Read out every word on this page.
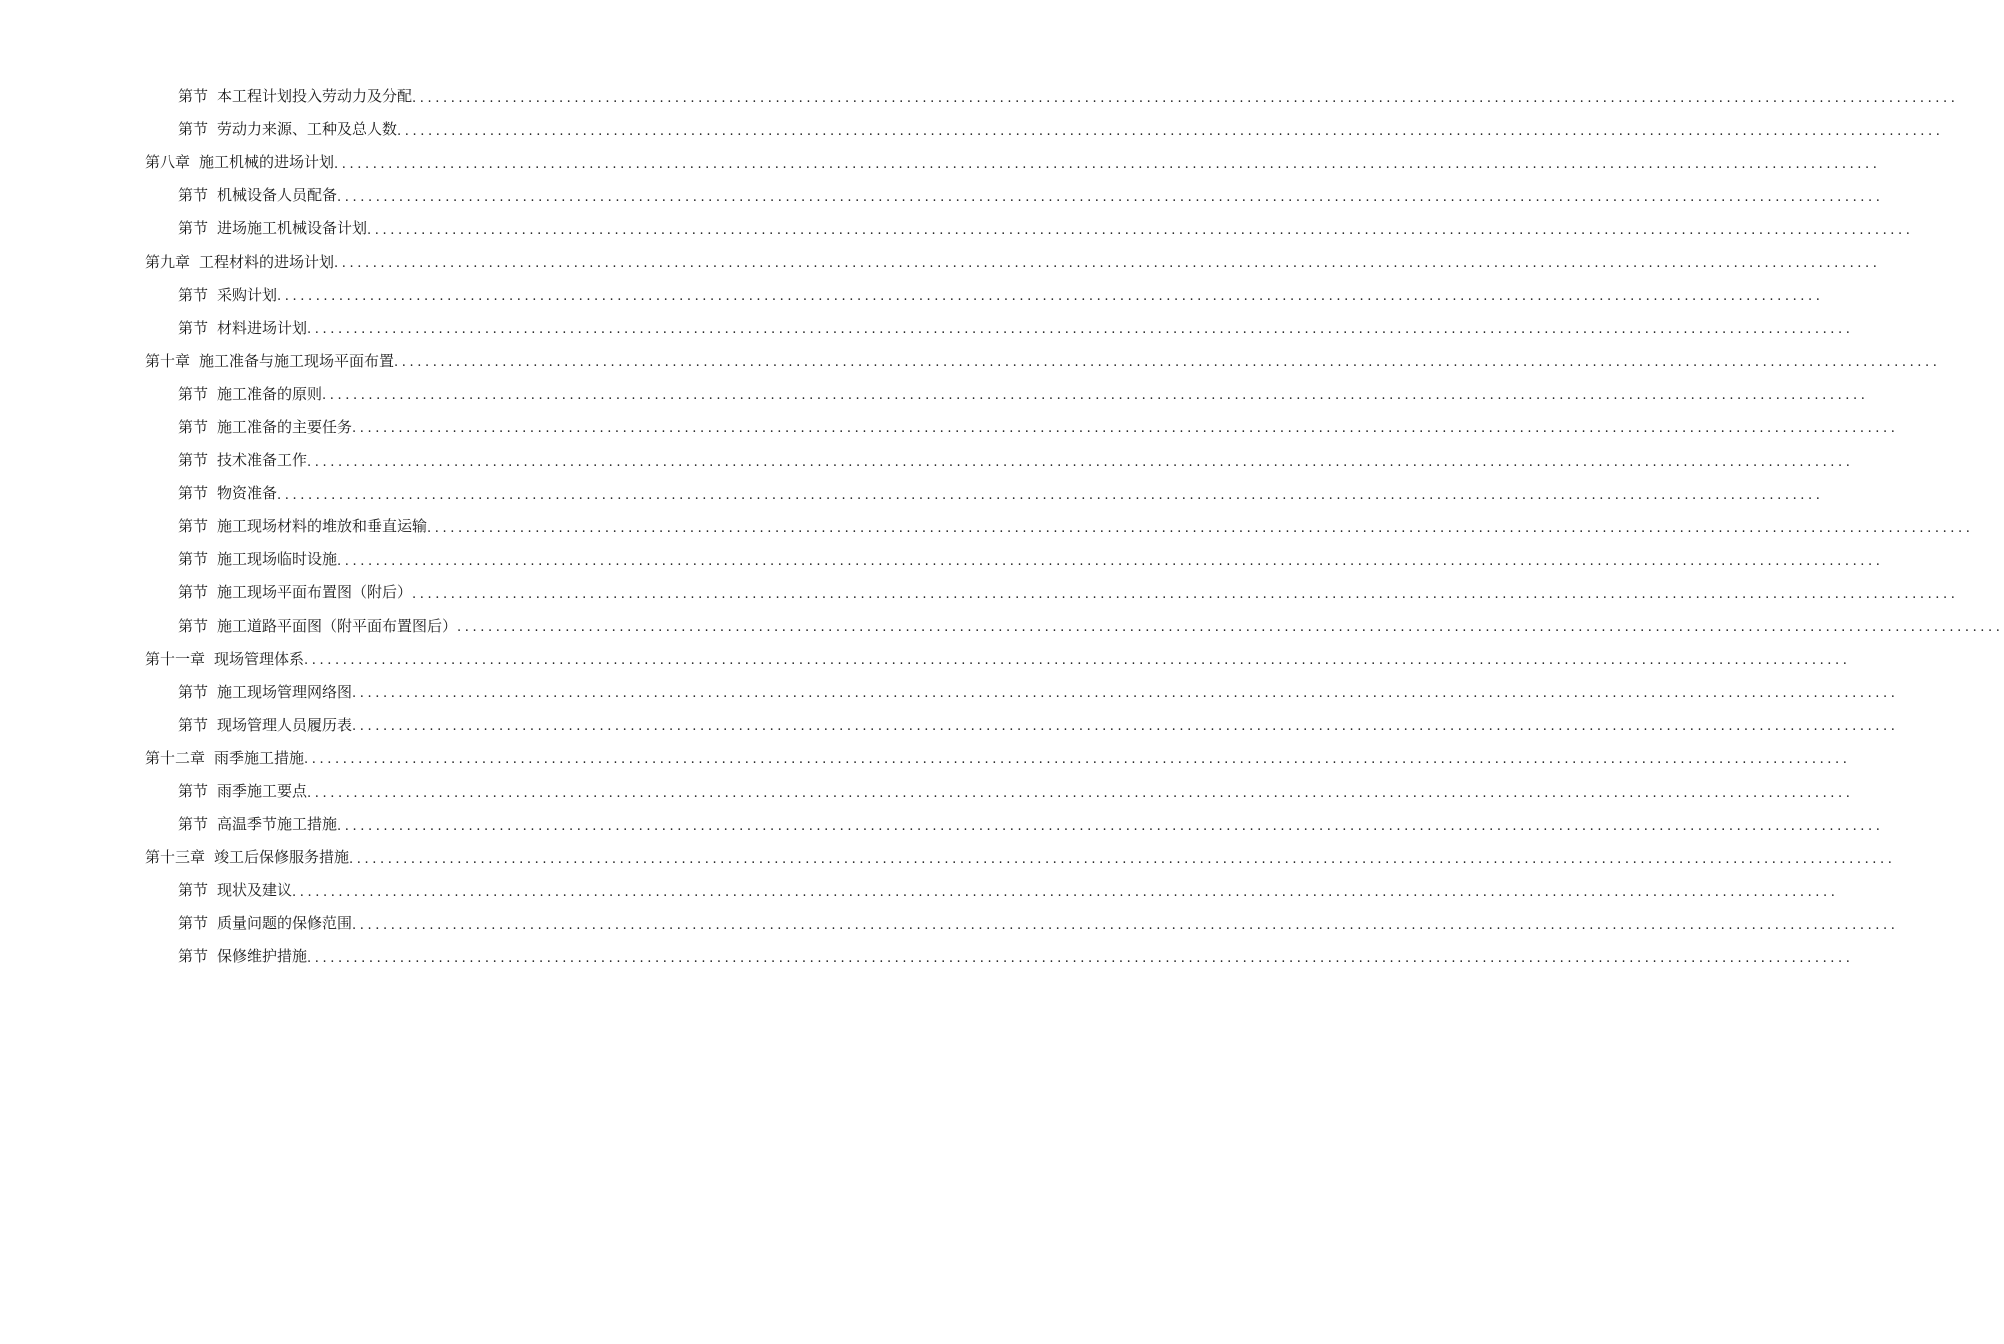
第节 本工程计划投入劳动力及分配 ........................................................................................................................................................................................................
第节 劳动力来源、工种及总人数 ........................................................................................................................................................................................................
第八章 施工机械的进场计划 ........................................................................................................................................................................................................
第节 机械设备人员配备 ........................................................................................................................................................................................................
第节 进场施工机械设备计划 ........................................................................................................................................................................................................
第九章 工程材料的进场计划 ........................................................................................................................................................................................................
第节 采购计划 ........................................................................................................................................................................................................
第节 材料进场计划 ........................................................................................................................................................................................................
第十章 施工准备与施工现场平面布置 ........................................................................................................................................................................................................
第节 施工准备的原则 ........................................................................................................................................................................................................
第节 施工准备的主要任务 ........................................................................................................................................................................................................
第节 技术准备工作 ........................................................................................................................................................................................................
第节 物资准备 ........................................................................................................................................................................................................
第节 施工现场材料的堆放和垂直运输 ........................................................................................................................................................................................................
第节 施工现场临时设施 ........................................................................................................................................................................................................
第节 施工现场平面布置图（附后） ........................................................................................................................................................................................................
第节 施工道路平面图（附平面布置图后） ........................................................................................................................................................................................................
第十一章 现场管理体系 ........................................................................................................................................................................................................
第节 施工现场管理网络图 ........................................................................................................................................................................................................
第节 现场管理人员履历表 ........................................................................................................................................................................................................
第十二章 雨季施工措施 ........................................................................................................................................................................................................
第节 雨季施工要点 ........................................................................................................................................................................................................
第节 高温季节施工措施 ........................................................................................................................................................................................................
第十三章 竣工后保修服务措施 ........................................................................................................................................................................................................
第节 现状及建议 ........................................................................................................................................................................................................
第节 质量问题的保修范围 ........................................................................................................................................................................................................
第节 保修维护措施 ........................................................................................................................................................................................................
